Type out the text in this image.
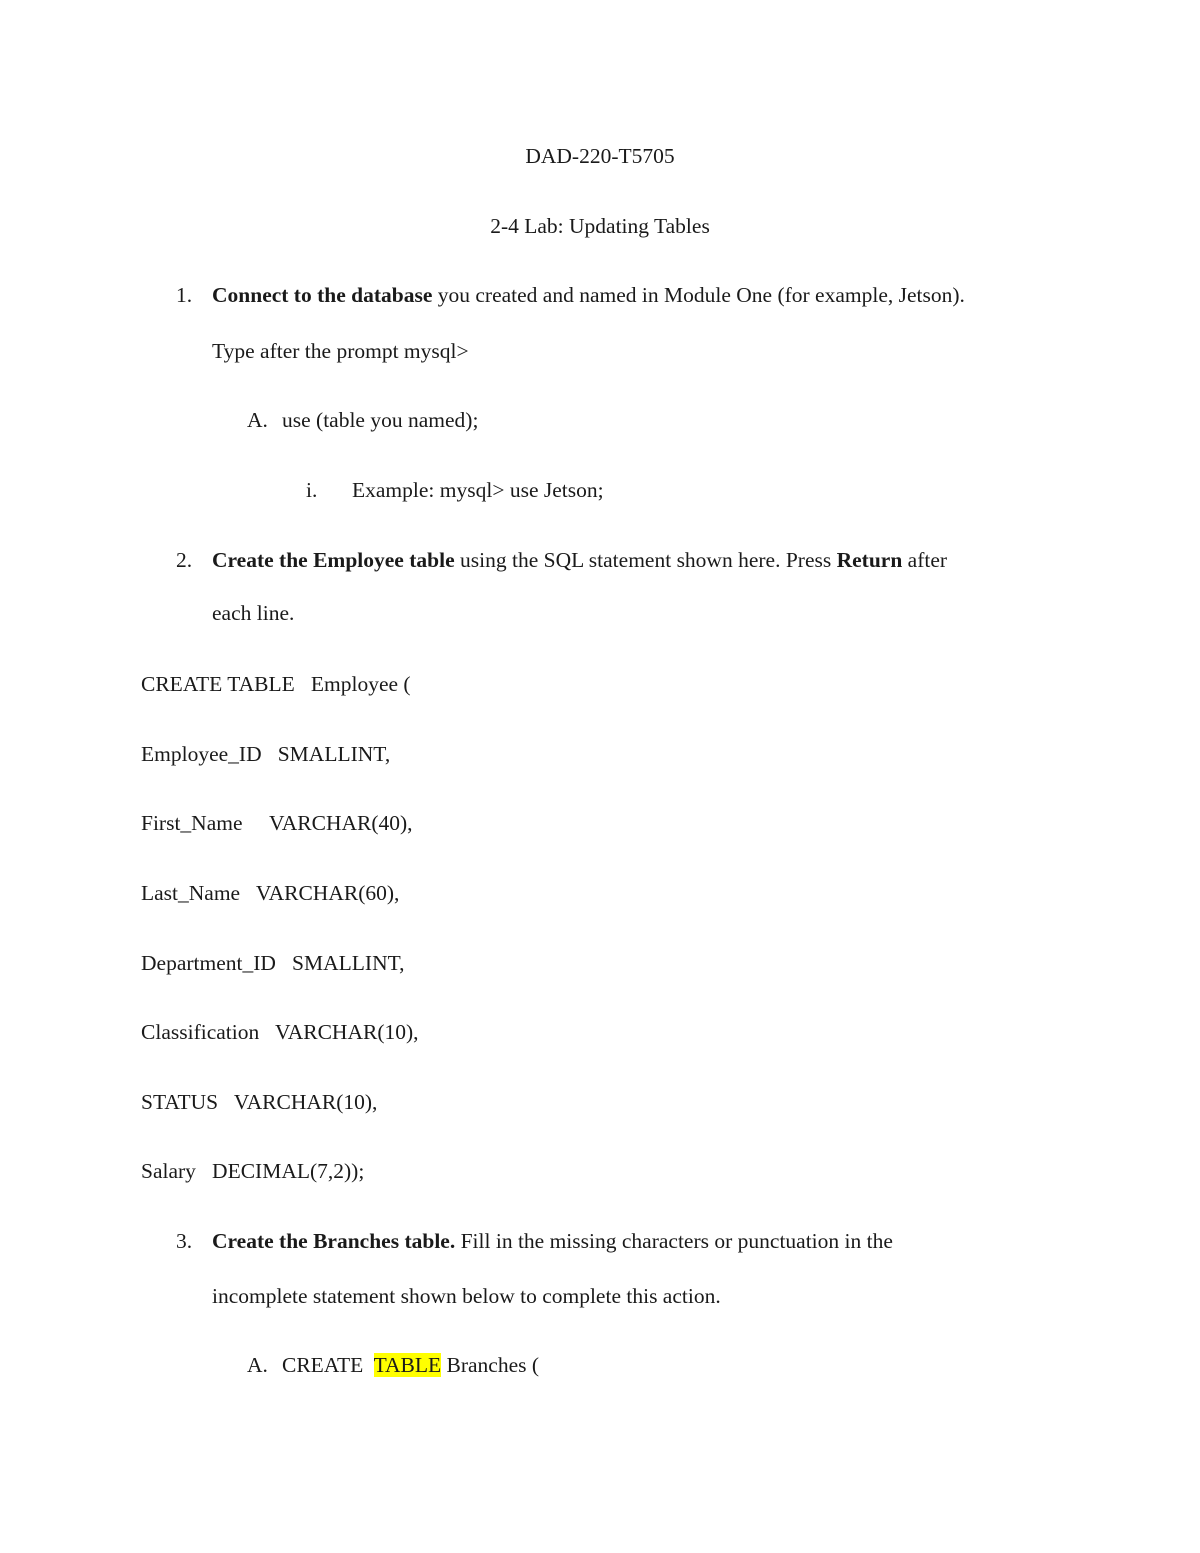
DAD-220-T5705
2-4 Lab: Updating Tables
1. Connect to the database you created and named in Module One (for example, Jetson).
Type after the prompt mysql>
A. use (table you named);
i. Example: mysql> use Jetson;
2. Create the Employee table using the SQL statement shown here. Press Return after
each line.
CREATE TABLE   Employee (
Employee_ID   SMALLINT,
First_Name     VARCHAR(40),
Last_Name   VARCHAR(60),
Department_ID   SMALLINT,
Classification   VARCHAR(10),
STATUS   VARCHAR(10),
Salary   DECIMAL(7,2));
3. Create the Branches table. Fill in the missing characters or punctuation in the
incomplete statement shown below to complete this action.
A. CREATE  TABLE Branches (
